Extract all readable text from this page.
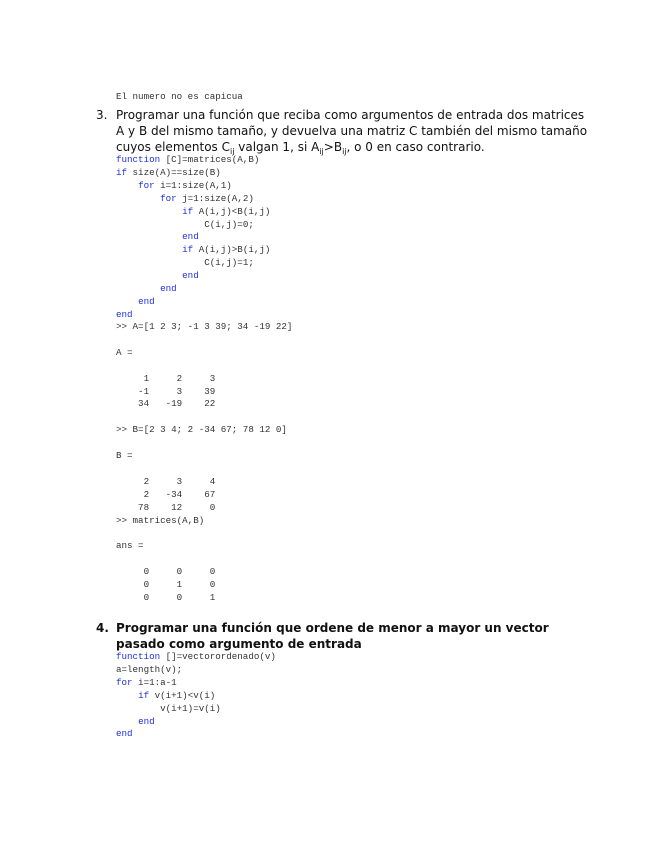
El numero no es capicua
3. Programar una función que reciba como argumentos de entrada dos matrices
A y B del mismo tamaño, y devuelva una matriz C también del mismo tamaño
cuyos elementos $C_{ij}$ valgan 1, si $A_{ij}>B_{ij}$, o 0 en caso contrario.
function [C]=matrices(A,B)
if size(A)==size(B)
for i=1:size(A,1)
for j=1:size(A,2)
if A(i,j)<B(i,j)
C(i,j)=0;
end
if A(i,j)>B(i,j)
C(i,j)=1;
end
end
end
end
>> A=[1 2 3; -1 3 39; 34 -19 22]

A =

1     2     3
-1     3    39
34   -19    22

>> B=[2 3 4; 2 -34 67; 78 12 0]

B =

2     3     4
2   -34    67
78    12     0
>> matrices(A,B)

ans =

0     0     0
0     1     0
0     0     1
4. Programar una función que ordene de menor a mayor un vector
pasado como argumento de entrada
function []=vectorordenado(v)
a=length(v);
for i=1:a-1
if v(i+1)<v(i)
v(i+1)=v(i)
end
end
